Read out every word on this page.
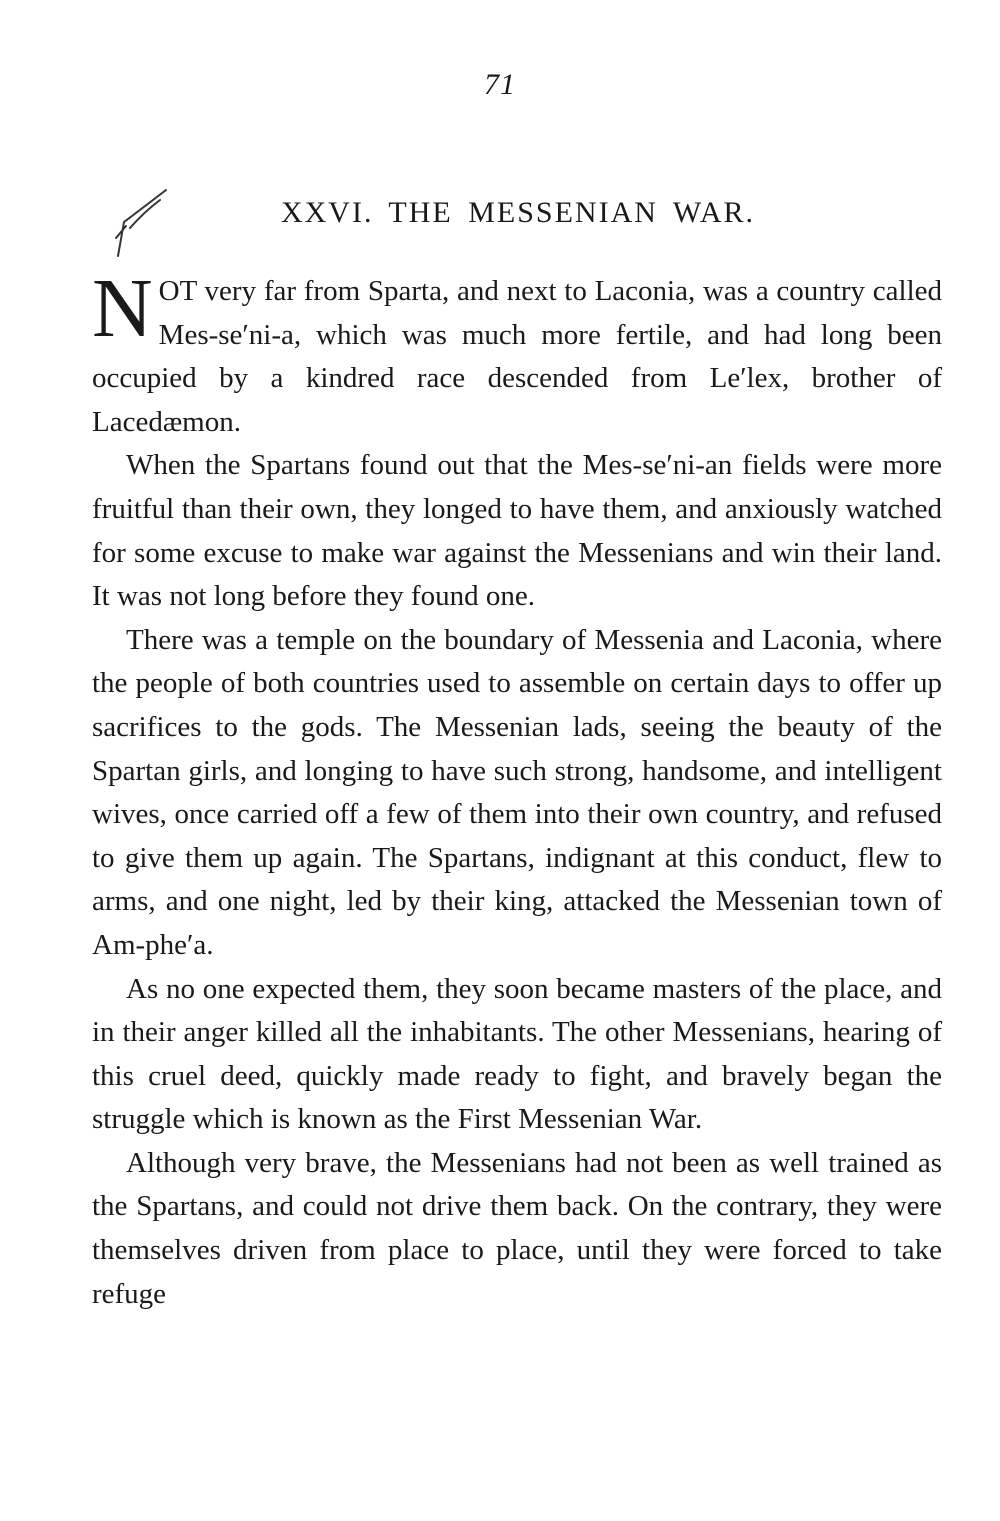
71
XXVI. THE MESSENIAN WAR.

NOT very far from Sparta, and next to Laconia, was a country called Mes-se′ni-a, which was much more fertile, and had long been occupied by a kindred race descended from Le′lex, brother of Lacedæmon.

When the Spartans found out that the Mes-se′ni-an fields were more fruitful than their own, they longed to have them, and anxiously watched for some excuse to make war against the Messenians and win their land. It was not long before they found one.

There was a temple on the boundary of Messenia and Laconia, where the people of both countries used to assemble on certain days to offer up sacrifices to the gods. The Messenian lads, seeing the beauty of the Spartan girls, and longing to have such strong, handsome, and intelligent wives, once carried off a few of them into their own country, and refused to give them up again. The Spartans, indignant at this conduct, flew to arms, and one night, led by their king, attacked the Messenian town of Am-phe′a.

As no one expected them, they soon became masters of the place, and in their anger killed all the inhabitants. The other Messenians, hearing of this cruel deed, quickly made ready to fight, and bravely began the struggle which is known as the First Messenian War.

Although very brave, the Messenians had not been as well trained as the Spartans, and could not drive them back. On the contrary, they were themselves driven from place to place, until they were forced to take refuge
